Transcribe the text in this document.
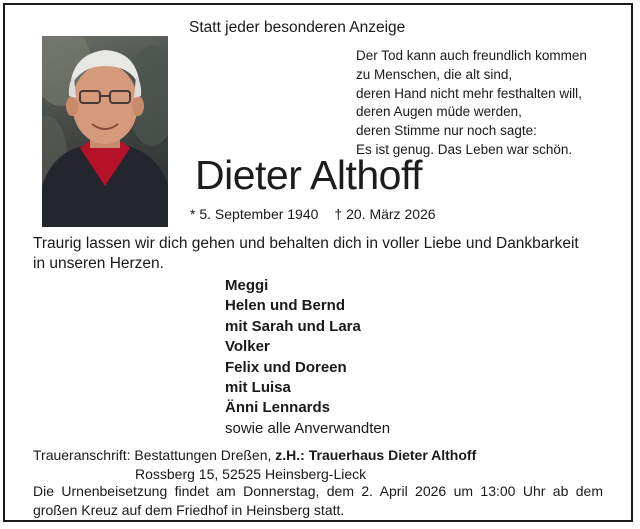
Statt jeder besonderen Anzeige
Der Tod kann auch freundlich kommen
zu Menschen, die alt sind,
deren Hand nicht mehr festhalten will,
deren Augen müde werden,
deren Stimme nur noch sagte:
Es ist genug. Das Leben war schön.
Dieter Althoff
* 5. September 1940 † 20. März 2026
Traurig lassen wir dich gehen und behalten dich in voller Liebe und Dankbarkeit
in unseren Herzen.
Meggi
Helen und Bernd
mit Sarah und Lara
Volker
Felix und Doreen
mit Luisa
Änni Lennards
sowie alle Anverwandten
Traueranschrift: Bestattungen Dreßen, z.H.: Trauerhaus Dieter Althoff
Rossberg 15, 52525 Heinsberg-Lieck
Die Urnenbeisetzung findet am Donnerstag, dem 2. April 2026 um 13:00 Uhr ab dem
großen Kreuz auf dem Friedhof in Heinsberg statt.
